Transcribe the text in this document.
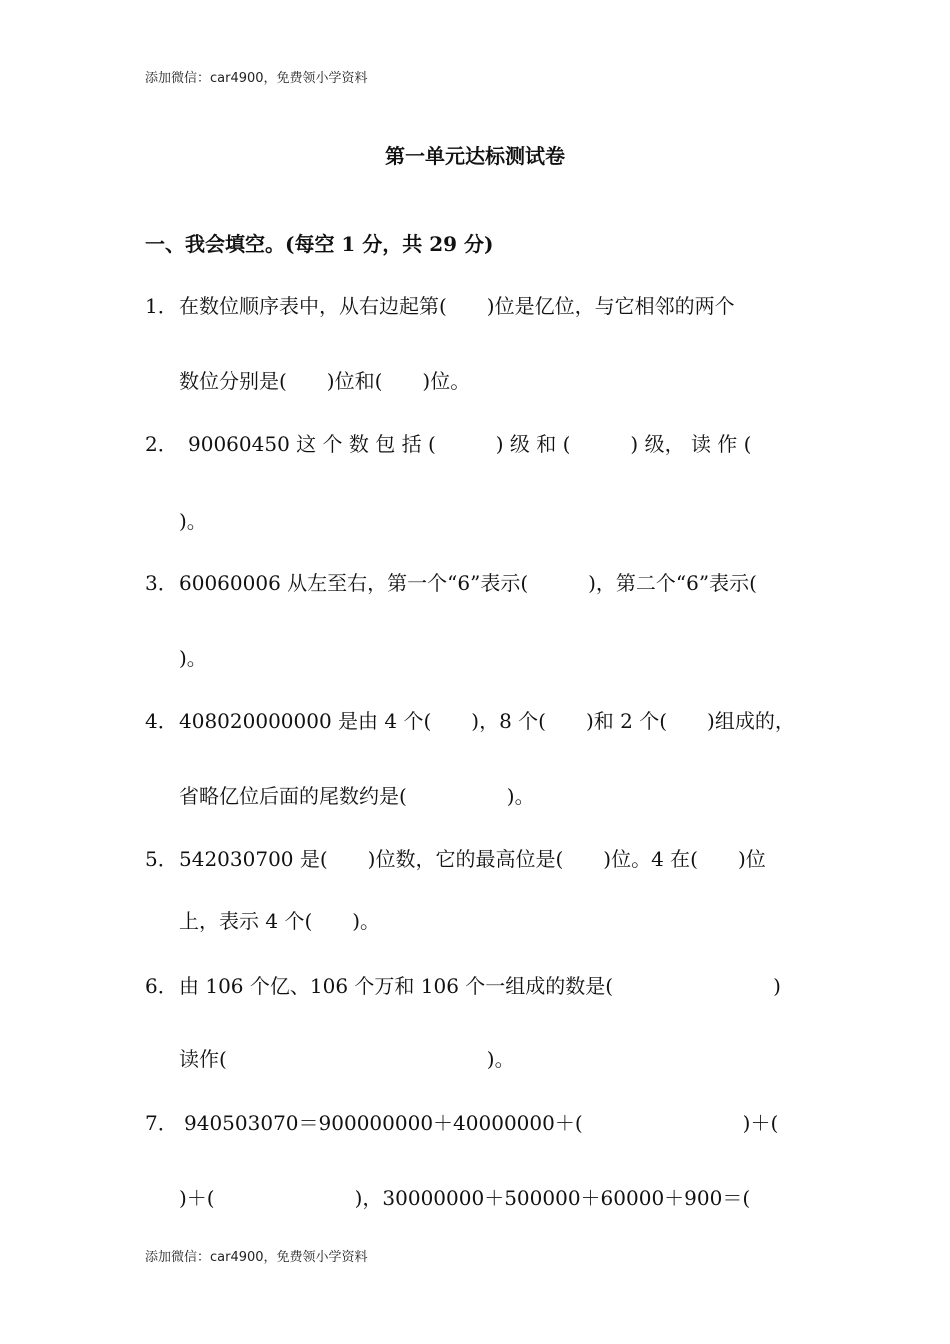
添加微信：car4900，免费领小学资料
第一单元达标测试卷
一、我会填空。(每空 1 分，共 29 分)
1． 在数位顺序表中，从右边起第(　　)位是亿位，与它相邻的两个
数位分别是(　　)位和(　　)位。
2． 90060450 这 个 数 包 括 (　　　) 级 和 (　　　) 级， 读 作 (
)。
3． 60060006 从左至右，第一个“6”表示(　　　)，第二个“6”表示(
)。
4． 408020000000 是由 4 个(　　)，8 个(　　)和 2 个(　　)组成的，
省略亿位后面的尾数约是(　　　　　)。
5． 542030700 是(　　)位数，它的最高位是(　　)位。4 在(　　)位
上，表示 4 个(　　)。
6． 由 106 个亿、106 个万和 106 个一组成的数是(　　　　　　　　)
读作(　　　　　　　　　　　　　)。
7． 940503070＝900000000＋40000000＋(　　　　　　　　)＋(
)＋(　　　　　　　)，30000000＋500000＋60000＋900＝(
添加微信：car4900，免费领小学资料
